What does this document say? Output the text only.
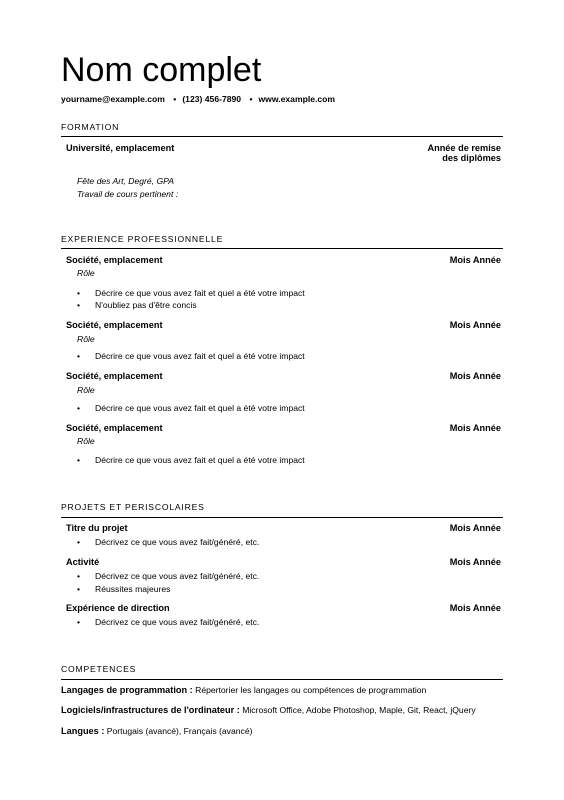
Nom complet
yourname@example.com • (123) 456-7890 • www.example.com
FORMATION
Université, emplacement	Année de remise
des diplômes
Fête des Art, Degré, GPA
Travail de cours pertinent :
EXPERIENCE PROFESSIONNELLE
Société, emplacement	Mois Année
Rôle
• Décrire ce que vous avez fait et quel a été votre impact
• N'oubliez pas d'être concis
Société, emplacement	Mois Année
Rôle
• Décrire ce que vous avez fait et quel a été votre impact
Société, emplacement	Mois Année
Rôle
• Décrire ce que vous avez fait et quel a été votre impact
Société, emplacement	Mois Année
Rôle
• Décrire ce que vous avez fait et quel a été votre impact
PROJETS ET PERISCOLAIRES
Titre du projet	Mois Année
• Décrivez ce que vous avez fait/généré, etc.
Activité	Mois Année
• Décrivez ce que vous avez fait/généré, etc.
• Réussites majeures
Expérience de direction	Mois Année
• Décrivez ce que vous avez fait/généré, etc.
COMPETENCES
Langages de programmation : Répertorier les langages ou compétences de programmation
Logiciels/infrastructures de l'ordinateur : Microsoft Office, Adobe Photoshop, Maple, Git, React, jQuery
Langues : Portugais (avancé), Français (avancé)
